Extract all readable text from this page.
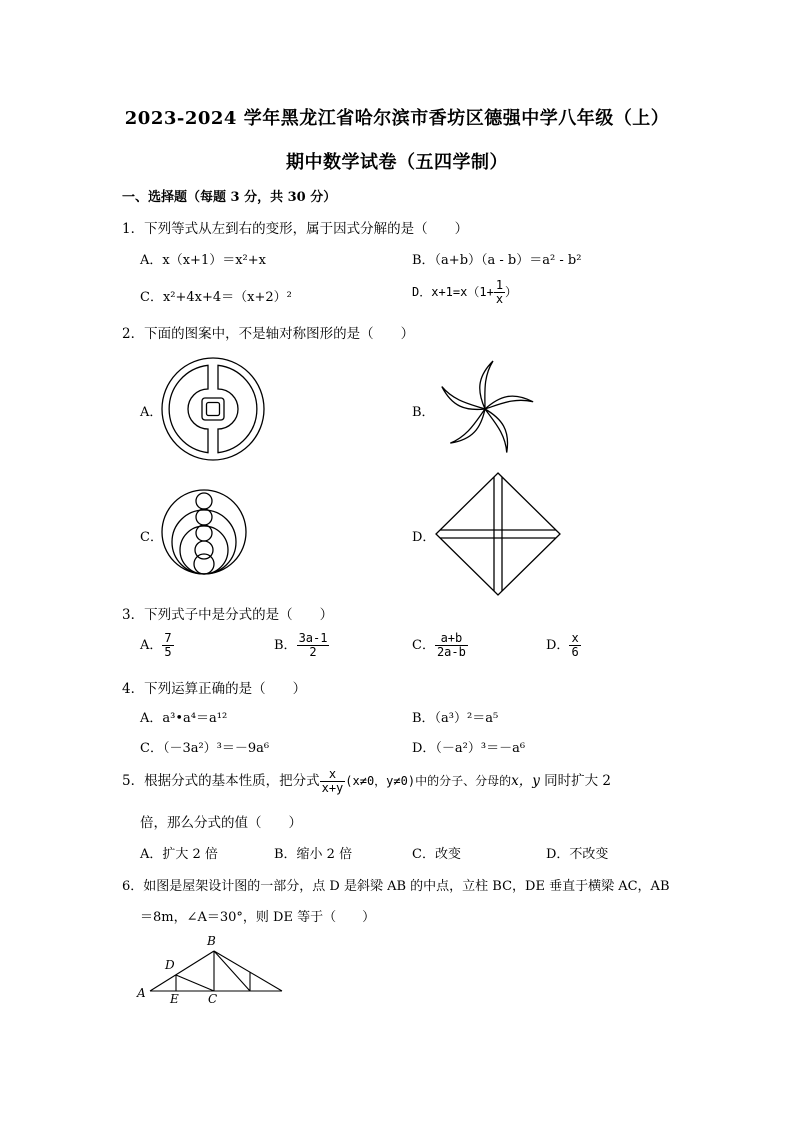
2023-2024 学年黑龙江省哈尔滨市香坊区德强中学八年级（上）
期中数学试卷（五四学制）
一、选择题（每题 3 分，共 30 分）
1．下列等式从左到右的变形，属于因式分解的是（　　）
A．x（x+1）＝x²+x	B．（a+b）（a - b）＝a² - b²
C．x²+4x+4＝（x+2）²	D．$x+1=x(1+ \frac{1}{x}$ ）
2．下面的图案中，不是轴对称图形的是（　　）
A．	B．
C．	D．
3．下列式子中是分式的是（　　）
A． $\frac{7}{5}$	B． $\frac{3a-1}{2}$	C． $\frac{a+b}{2a-b}$	D． $\frac{x}{6}$
4．下列运算正确的是（　　）
A．a³•a⁴＝a¹²	B．（a³）²＝a⁵
C．（－3a²）³＝－9a⁶	D．（－a²）³＝－a⁶
5．根据分式的基本性质，把分式 $\frac{x}{x+y} (x\ne 0$，y≠0)中的分子、分母的x，y 同时扩大 2
倍，那么分式的值（　　）
A．扩大 2 倍	B．缩小 2 倍	C．改变	D．不改变
6．如图是屋架设计图的一部分，点 D 是斜梁 AB 的中点，立柱 BC，DE 垂直于横梁 AC，AB
＝8m，∠A＝30°，则 DE 等于（　　）
B
D
A E C
